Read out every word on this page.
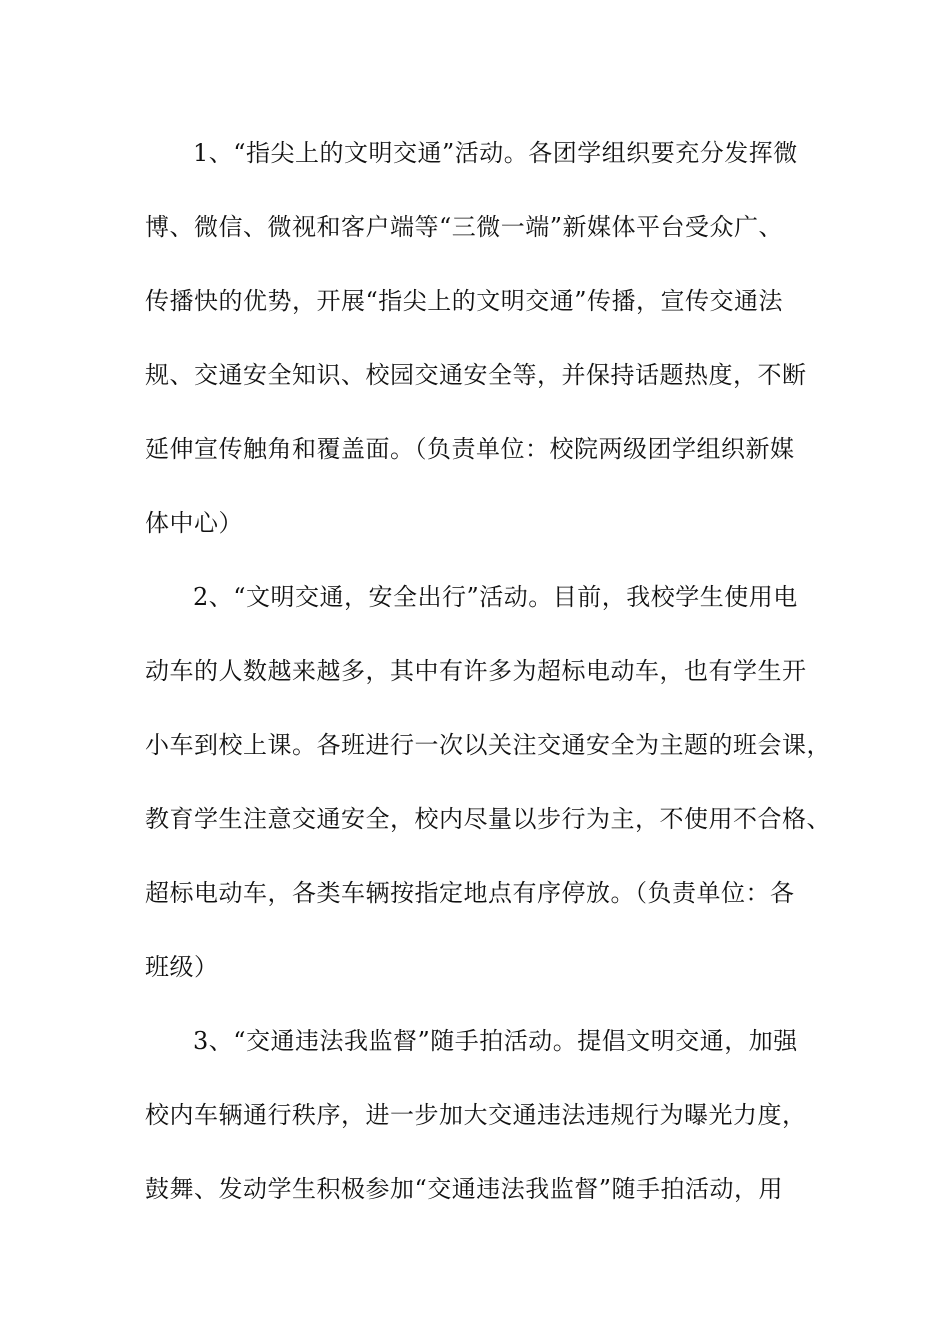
1、“指尖上的文明交通”活动。各团学组织要充分发挥微
博、微信、微视和客户端等“三微一端”新媒体平台受众广、
传播快的优势，开展“指尖上的文明交通”传播，宣传交通法
规、交通安全知识、校园交通安全等，并保持话题热度，不断
延伸宣传触角和覆盖面。（负责单位：校院两级团学组织新媒
体中心）
2、“文明交通，安全出行”活动。目前，我校学生使用电
动车的人数越来越多，其中有许多为超标电动车，也有学生开
小车到校上课。各班进行一次以关注交通安全为主题的班会课，
教育学生注意交通安全，校内尽量以步行为主，不使用不合格、
超标电动车，各类车辆按指定地点有序停放。（负责单位：各
班级）
3、“交通违法我监督”随手拍活动。提倡文明交通，加强
校内车辆通行秩序，进一步加大交通违法违规行为曝光力度，
鼓舞、发动学生积极参加“交通违法我监督”随手拍活动，用
